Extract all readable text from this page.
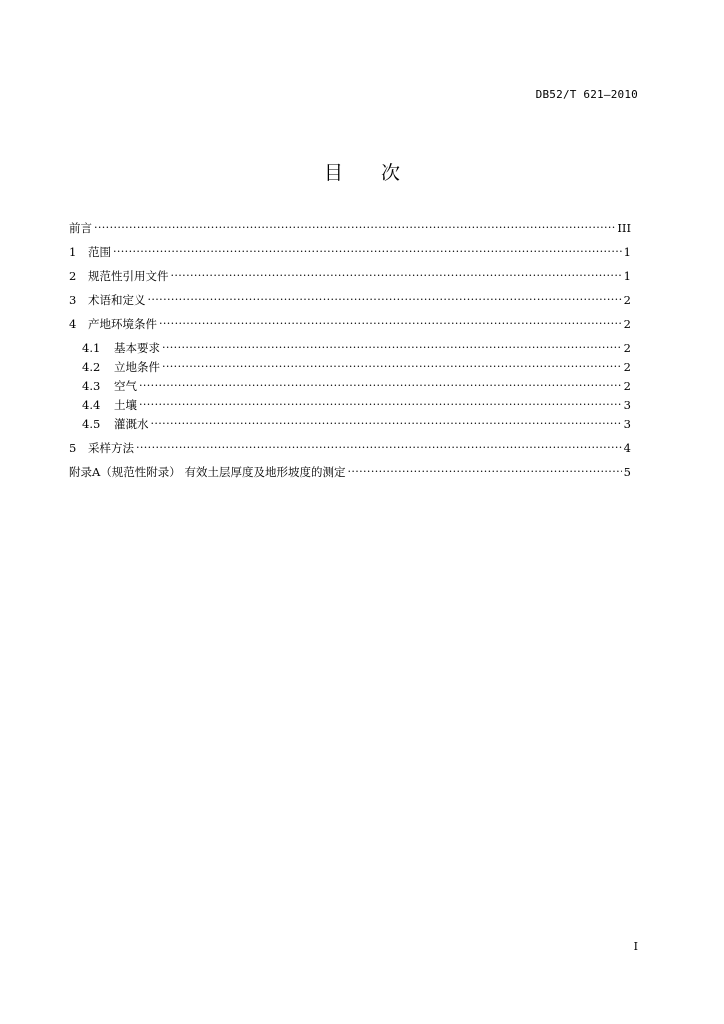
DB52/T 621—2010
目次
前言 . . .	III
1	范围 . . .	1
2	规范性引用文件 . . .	1
3	术语和定义 . . .	2
4	产地环境条件 . . .	2
4.1	基本要求 . . .	2
4.2	立地条件 . . .	2
4.3	空气 . . .	2
4.4	土壤 . . .	3
4.5	灌溉水 . . .	3
5	采样方法 . . .	4
附录A（规范性附录） 有效土层厚度及地形坡度的测定 . . .	5
I
